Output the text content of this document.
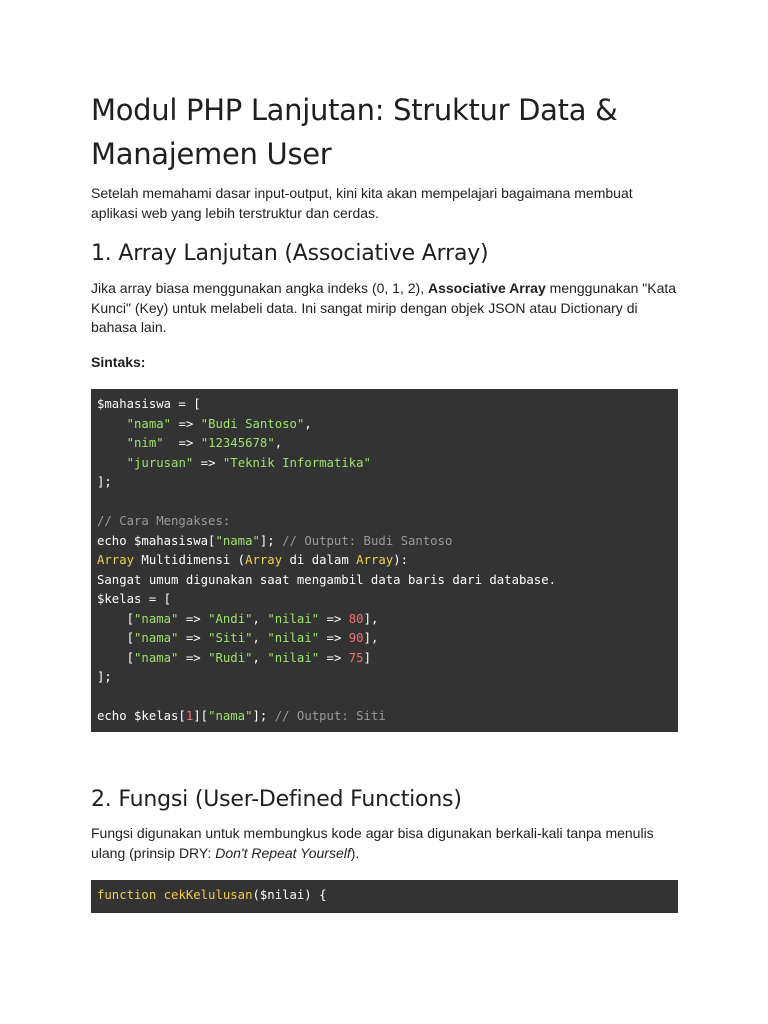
Modul PHP Lanjutan: Struktur Data & Manajemen User

Setelah memahami dasar input-output, kini kita akan mempelajari bagaimana membuat aplikasi web yang lebih terstruktur dan cerdas.

1. Array Lanjutan (Associative Array)

Jika array biasa menggunakan angka indeks (0, 1, 2), Associative Array menggunakan "Kata Kunci" (Key) untuk melabeli data. Ini sangat mirip dengan objek JSON atau Dictionary di bahasa lain.

Sintaks:

$mahasiswa = [
"nama" => "Budi Santoso",
"nim"  => "12345678",
"jurusan" => "Teknik Informatika"
];
// Cara Mengakses:
echo $mahasiswa["nama"]; // Output: Budi Santoso
Array Multidimensi (Array di dalam Array):
Sangat umum digunakan saat mengambil data baris dari database.
$kelas = [
["nama" => "Andi", "nilai" => 80],
["nama" => "Siti", "nilai" => 90],
["nama" => "Rudi", "nilai" => 75]
];
echo $kelas[1]["nama"]; // Output: Siti
2. Fungsi (User-Defined Functions)

Fungsi digunakan untuk membungkus kode agar bisa digunakan berkali-kali tanpa menulis ulang (prinsip DRY: Don't Repeat Yourself).

function cekKelulusan($nilai) {
